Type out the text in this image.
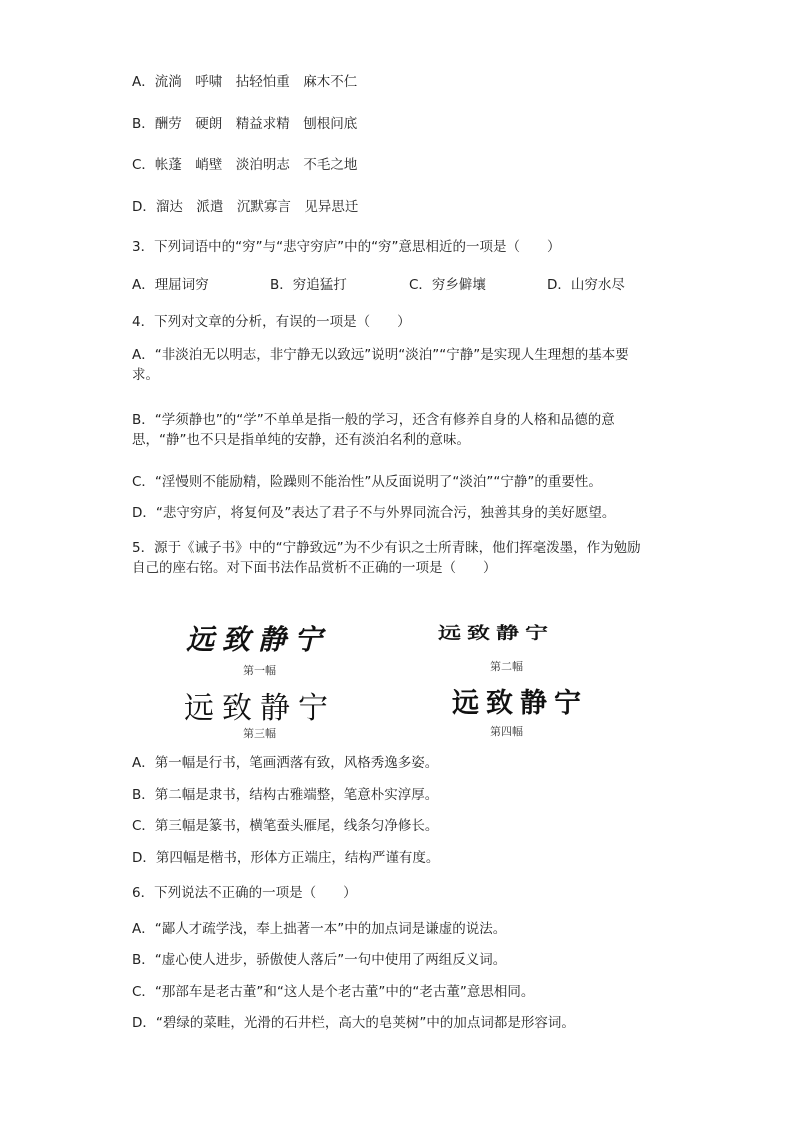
A．流淌　呼啸　拈轻怕重　麻木不仁
B．酬劳　硬朗　精益求精　刨根问底
C．帐蓬　峭壁　淡泊明志　不毛之地
D．溜达　派遣　沉默寡言　见异思迁
3．下列词语中的“穷”与“悲守穷庐”中的“穷”意思相近的一项是（　　）
A．理屈词穷	B．穷追猛打	C．穷乡僻壤	D．山穷水尽
4．下列对文章的分析，有误的一项是（　　）
A．“非淡泊无以明志，非宁静无以致远”说明“淡泊”“宁静”是实现人生理想的基本要求。
B．“学须静也”的“学”不单单是指一般的学习，还含有修养自身的人格和品德的意思，“静”也不只是指单纯的安静，还有淡泊名利的意味。
C．“淫慢则不能励精，险躁则不能治性”从反面说明了“淡泊”“宁静”的重要性。
D．“悲守穷庐，将复何及”表达了君子不与外界同流合污，独善其身的美好愿望。
5．源于《诫子书》中的“宁静致远”为不少有识之士所青睐，他们挥毫泼墨，作为勉励自己的座右铭。对下面书法作品赏析不正确的一项是（　　）
远致静宁
第一幅
远致静宁
第二幅
远致静宁
第三幅
远致静宁
第四幅
A．第一幅是行书，笔画洒落有致，风格秀逸多姿。
B．第二幅是隶书，结构古雅端整，笔意朴实淳厚。
C．第三幅是篆书，横笔蚕头雁尾，线条匀净修长。
D．第四幅是楷书，形体方正端庄，结构严谨有度。
6．下列说法不正确的一项是（　　）
A．“鄙人才疏学浅，奉上拙著一本”中的加点词是谦虚的说法。
B．“虚心使人进步，骄傲使人落后”一句中使用了两组反义词。
C．“那部车是老古董”和“这人是个老古董”中的“老古董”意思相同。
D．“碧绿的菜畦，光滑的石井栏，高大的皂荚树”中的加点词都是形容词。
